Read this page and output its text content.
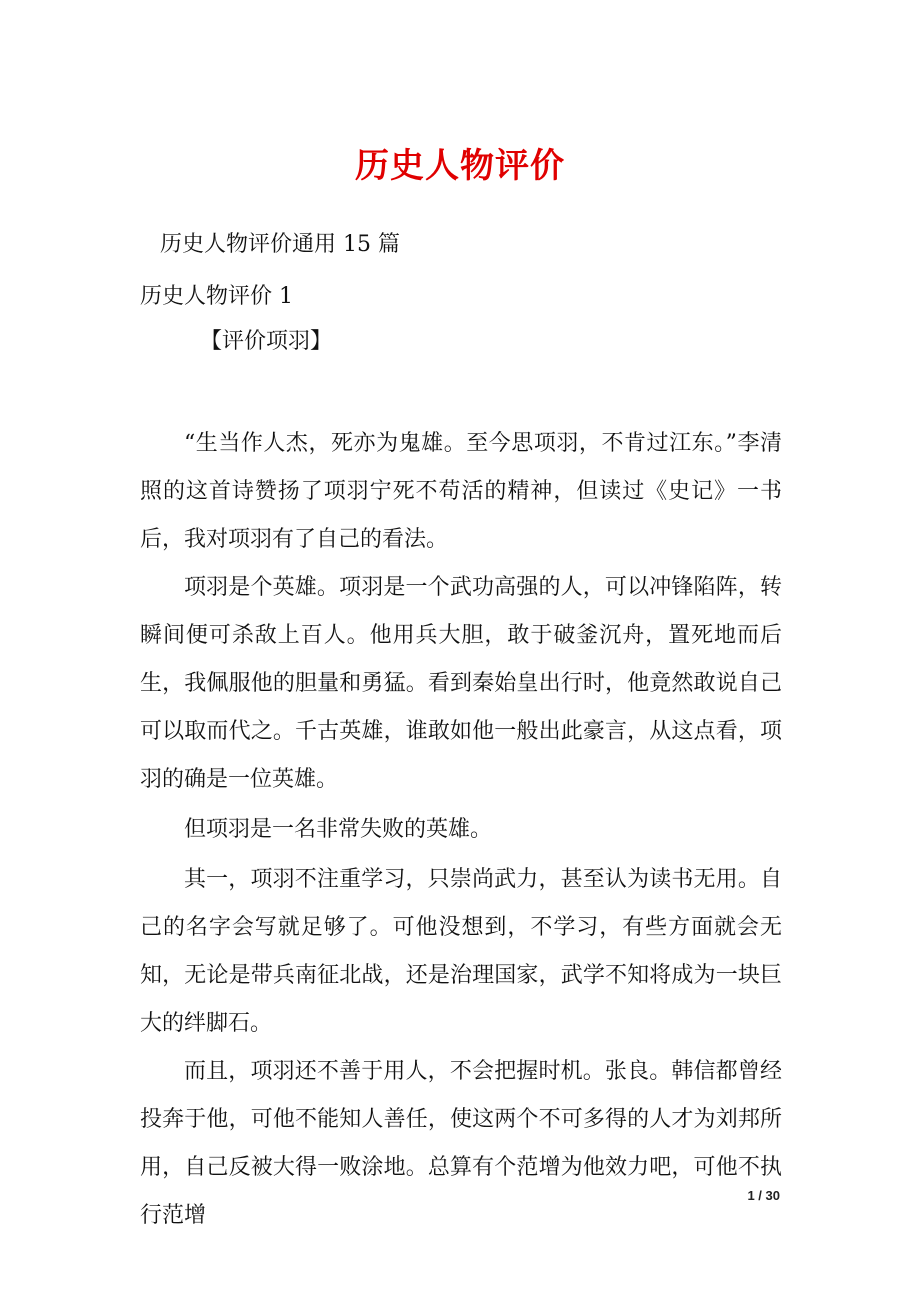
历史人物评价
历史人物评价通用 15 篇
历史人物评价 1
【评价项羽】

“生当作人杰，死亦为鬼雄。至今思项羽，不肯过江东。”李清照的这首诗赞扬了项羽宁死不苟活的精神，但读过《史记》一书后，我对项羽有了自己的看法。

项羽是个英雄。项羽是一个武功高强的人，可以冲锋陷阵，转瞬间便可杀敌上百人。他用兵大胆，敢于破釜沉舟，置死地而后生，我佩服他的胆量和勇猛。看到秦始皇出行时，他竟然敢说自己可以取而代之。千古英雄，谁敢如他一般出此豪言，从这点看，项羽的确是一位英雄。

但项羽是一名非常失败的英雄。

其一，项羽不注重学习，只崇尚武力，甚至认为读书无用。自己的名字会写就足够了。可他没想到，不学习，有些方面就会无知，无论是带兵南征北战，还是治理国家，武学不知将成为一块巨大的绊脚石。

而且，项羽还不善于用人，不会把握时机。张良。韩信都曾经投奔于他，可他不能知人善任，使这两个不可多得的人才为刘邦所用，自己反被大得一败涂地。总算有个范增为他效力吧，可他不执行范增

1 / 30
